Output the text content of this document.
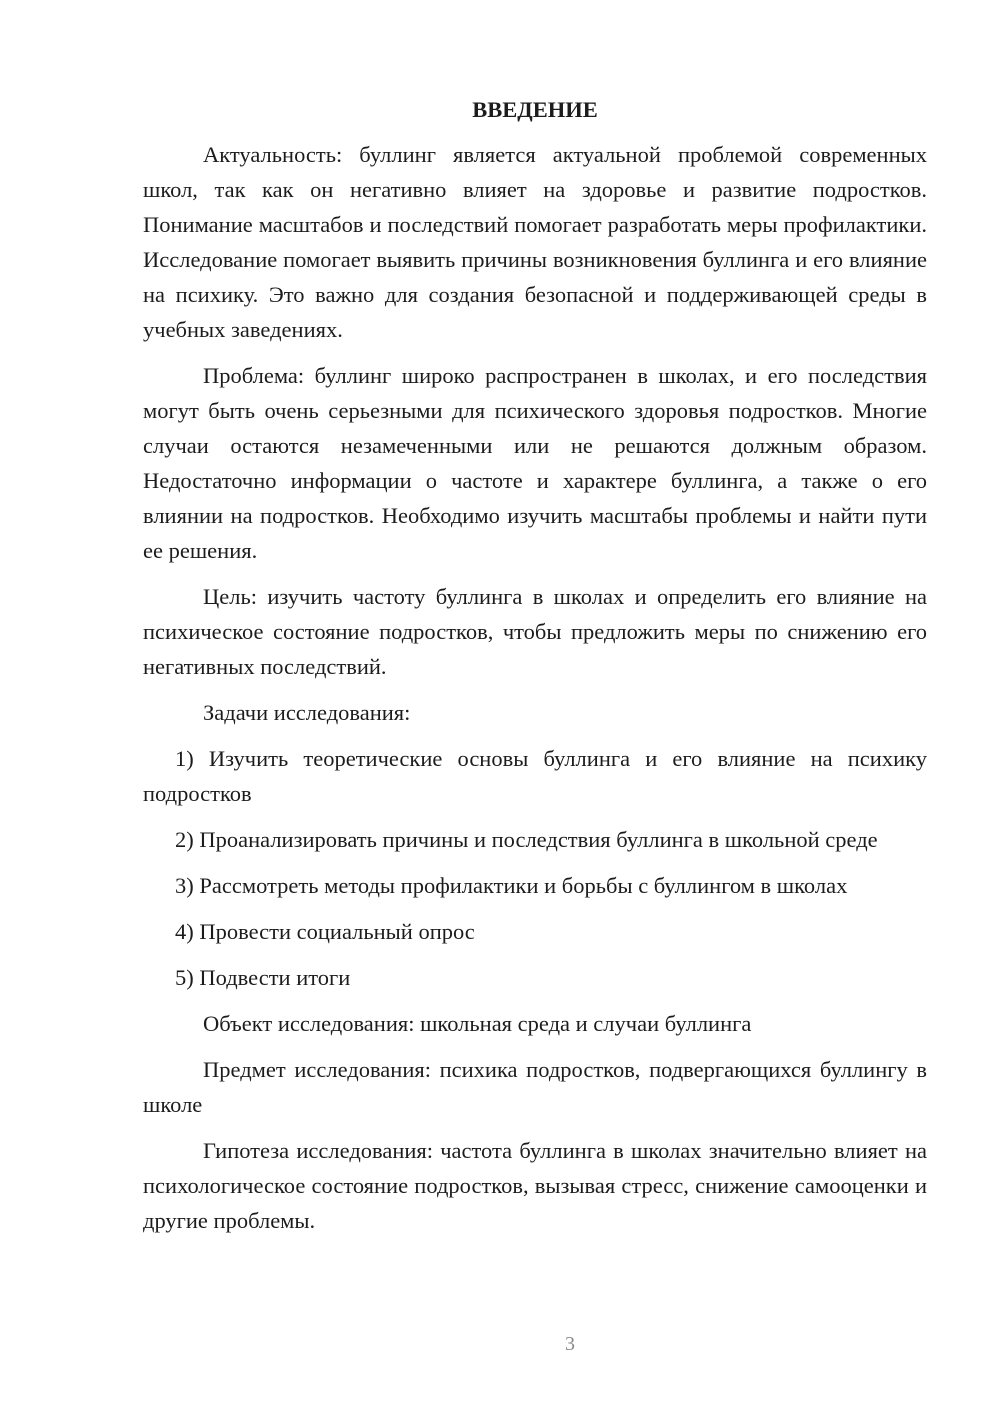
ВВЕДЕНИЕ

Актуальность: буллинг является актуальной проблемой современных школ, так как он негативно влияет на здоровье и развитие подростков. Понимание масштабов и последствий помогает разработать меры профилактики. Исследование помогает выявить причины возникновения буллинга и его влияние на психику. Это важно для создания безопасной и поддерживающей среды в учебных заведениях.

Проблема: буллинг широко распространен в школах, и его последствия могут быть очень серьезными для психического здоровья подростков. Многие случаи остаются незамеченными или не решаются должным образом. Недостаточно информации о частоте и характере буллинга, а также о его влиянии на подростков. Необходимо изучить масштабы проблемы и найти пути ее решения.

Цель: изучить частоту буллинга в школах и определить его влияние на психическое состояние подростков, чтобы предложить меры по снижению его негативных последствий.

Задачи исследования:

1) Изучить теоретические основы буллинга и его влияние на психику подростков

2) Проанализировать причины и последствия буллинга в школьной среде

3) Рассмотреть методы профилактики и борьбы с буллингом в школах

4) Провести социальный опрос

5) Подвести итоги

Объект исследования: школьная среда и случаи буллинга

Предмет исследования: психика подростков, подвергающихся буллингу в школе

Гипотеза исследования: частота буллинга в школах значительно влияет на психологическое состояние подростков, вызывая стресс, снижение самооценки и другие проблемы.

3
